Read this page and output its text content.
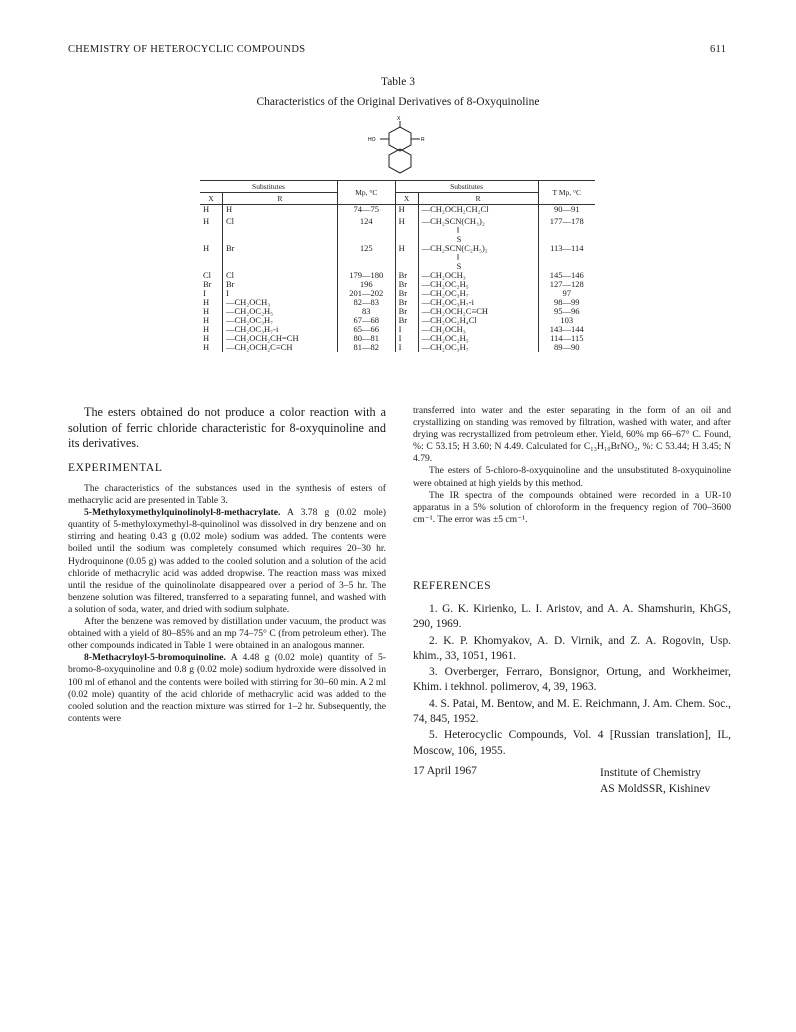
CHEMISTRY OF HETEROCYCLIC COMPOUNDS	611
Table 3
Characteristics of the Original Derivatives of 8-Oxyquinoline
X
HO	R
Substitutes		Mp, °C	Substitutes		T Mp, °C
X	R		X	R	
H	H	74—75	H	—CH₂OCH₂CH₂Cl	90—91
H	Cl	124	H	—CH₂SCN(CH₃)₂	177—178
				‖	
				S	
H	Br	125	H	—CH₂SCN(C₂H₅)₂	113—114
				‖	
				S	
Cl	Cl	179—180	Br	—CH₂OCH₃	145—146
Br	Br	196	Br	—CH₂OC₂H₅	127—128
I	I	201—202	Br	—CH₂OC₃H₇	97
H	—CH₂OCH₃	82—83	Br	—CH₂OC₃H₇-i	98—99
H	—CH₂OC₂H₅	83	Br	—CH₂OCH₂C≡CH	95—96
H	—CH₂OC₃H₇	67—68	Br	—CH₂OC₂H₄Cl	103
H	—CH₂OC₃H₇-i	65—66	I	—CH₂OCH₃	143—144
H	—CH₂OCH₂CH=CH	80—81	I	—CH₂OC₂H₅	114—115
H	—CH₂OCH₂C≡CH	81—82	I	—CH₂OC₃H₇	89—90

The esters obtained do not produce a color reaction with a solution of ferric chloride characteristic for 8-oxyquinoline and its derivatives.

EXPERIMENTAL

The characteristics of the substances used in the synthesis of esters of methacrylic acid are presented in Table 3.

5-Methyloxymethylquinolinolyl-8-methacrylate. A 3.78 g (0.02 mole) quantity of 5-methyloxymethyl-8-quinolinol was dissolved in dry benzene and on stirring and heating 0.43 g (0.02 mole) sodium was added. The contents were boiled until the sodium was completely consumed which requires 20–30 hr. Hydroquinone (0.05 g) was added to the cooled solution and a solution of the acid chloride of methacrylic acid was added dropwise. The reaction mass was mixed until the residue of the quinolinolate disappeared over a period of 3–5 hr. The benzene solution was filtered, transferred to a separating funnel, and washed with a solution of soda, water, and dried with sodium sulphate.

After the benzene was removed by distillation under vacuum, the product was obtained with a yield of 80–85% and an mp 74–75° C (from petroleum ether). The other compounds indicated in Table 1 were obtained in an analogous manner.

8-Methacryloyl-5-bromoquinoline. A 4.48 g (0.02 mole) quantity of 5-bromo-8-oxyquinoline and 0.8 g (0.02 mole) sodium hydroxide were dissolved in 100 ml of ethanol and the contents were boiled with stirring for 30–60 min. A 2 ml (0.02 mole) quantity of the acid chloride of methacrylic acid was added to the cooled solution and the reaction mixture was stirred for 1–2 hr. Subsequently, the contents were

transferred into water and the ester separating in the form of an oil and crystallizing on standing was removed by filtration, washed with water, and after drying was recrystallized from petroleum ether. Yield, 60% mp 66–67° C. Found, %: C 53.15; H 3.60; N 4.49. Calculated for C₁₃H₁₀BrNO₂, %: C 53.44; H 3.45; N 4.79.

The esters of 5-chloro-8-oxyquinoline and the unsubstituted 8-oxyquinoline were obtained at high yields by this method.

The IR spectra of the compounds obtained were recorded in a UR-10 apparatus in a 5% solution of chloroform in the frequency region of 700–3600 cm⁻¹. The error was ±5 cm⁻¹.

REFERENCES

1. G. K. Kirienko, L. I. Aristov, and A. A. Shamshurin, KhGS, 290, 1969.

2. K. P. Khomyakov, A. D. Virnik, and Z. A. Rogovin, Usp. khim., 33, 1051, 1961.

3. Overberger, Ferraro, Bonsignor, Ortung, and Workheimer, Khim. i tekhnol. polimerov, 4, 39, 1963.

4. S. Patai, M. Bentow, and M. E. Reichmann, J. Am. Chem. Soc., 74, 845, 1952.

5. Heterocyclic Compounds, Vol. 4 [Russian translation], IL, Moscow, 106, 1955.

17 April 1967	Institute of Chemistry
AS MoldSSR, Kishinev
